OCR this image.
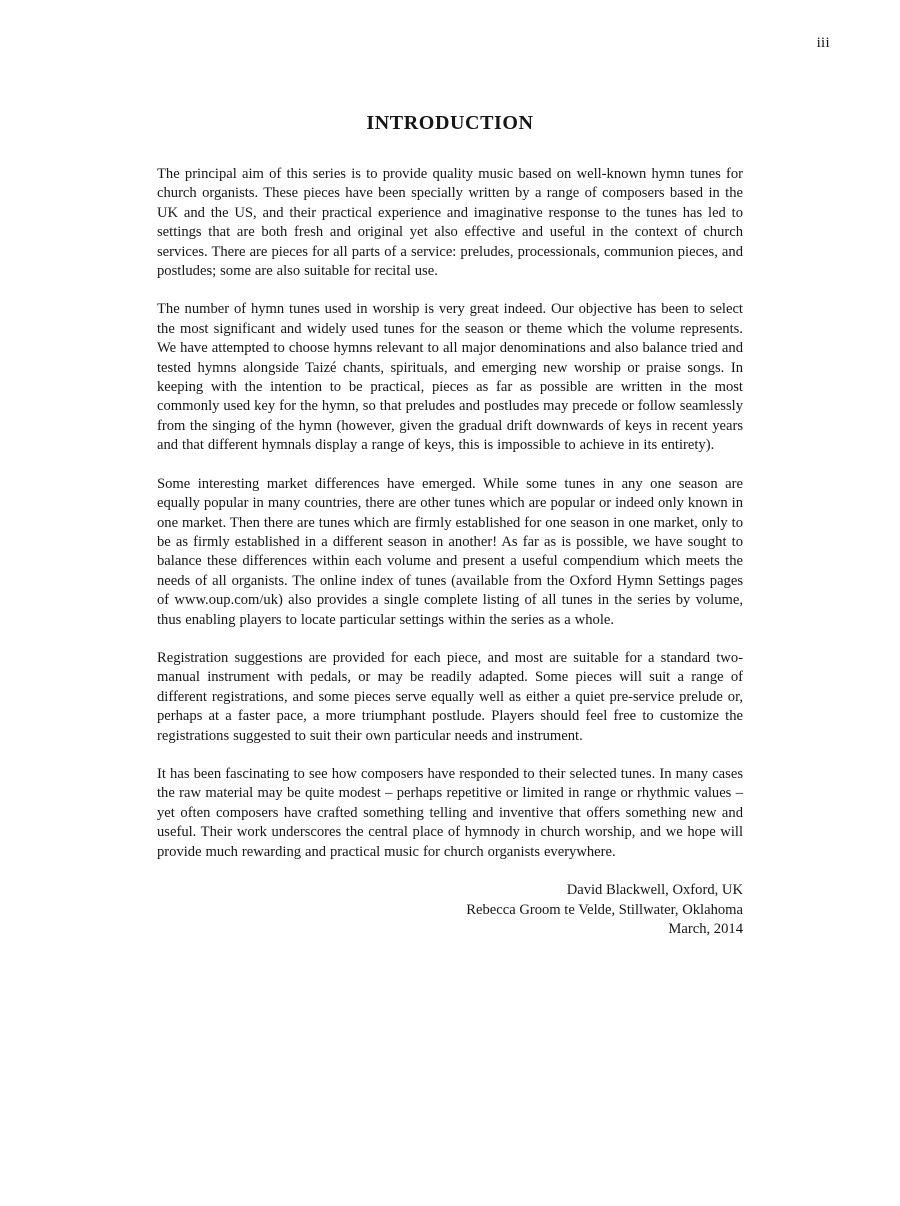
iii
INTRODUCTION

The principal aim of this series is to provide quality music based on well-known hymn tunes for church organists. These pieces have been specially written by a range of composers based in the UK and the US, and their practical experience and imaginative response to the tunes has led to settings that are both fresh and original yet also effective and useful in the context of church services. There are pieces for all parts of a service: preludes, processionals, communion pieces, and postludes; some are also suitable for recital use.

The number of hymn tunes used in worship is very great indeed. Our objective has been to select the most significant and widely used tunes for the season or theme which the volume represents. We have attempted to choose hymns relevant to all major denominations and also balance tried and tested hymns alongside Taizé chants, spirituals, and emerging new worship or praise songs. In keeping with the intention to be practical, pieces as far as possible are written in the most commonly used key for the hymn, so that preludes and postludes may precede or follow seamlessly from the singing of the hymn (however, given the gradual drift downwards of keys in recent years and that different hymnals display a range of keys, this is impossible to achieve in its entirety).

Some interesting market differences have emerged. While some tunes in any one season are equally popular in many countries, there are other tunes which are popular or indeed only known in one market. Then there are tunes which are firmly established for one season in one market, only to be as firmly established in a different season in another! As far as is possible, we have sought to balance these differences within each volume and present a useful compendium which meets the needs of all organists. The online index of tunes (available from the Oxford Hymn Settings pages of www.oup.com/uk) also provides a single complete listing of all tunes in the series by volume, thus enabling players to locate particular settings within the series as a whole.

Registration suggestions are provided for each piece, and most are suitable for a standard two-manual instrument with pedals, or may be readily adapted. Some pieces will suit a range of different registrations, and some pieces serve equally well as either a quiet pre-service prelude or, perhaps at a faster pace, a more triumphant postlude. Players should feel free to customize the registrations suggested to suit their own particular needs and instrument.

It has been fascinating to see how composers have responded to their selected tunes. In many cases the raw material may be quite modest – perhaps repetitive or limited in range or rhythmic values – yet often composers have crafted something telling and inventive that offers something new and useful. Their work underscores the central place of hymnody in church worship, and we hope will provide much rewarding and practical music for church organists everywhere.

David Blackwell, Oxford, UK
Rebecca Groom te Velde, Stillwater, Oklahoma
March, 2014
